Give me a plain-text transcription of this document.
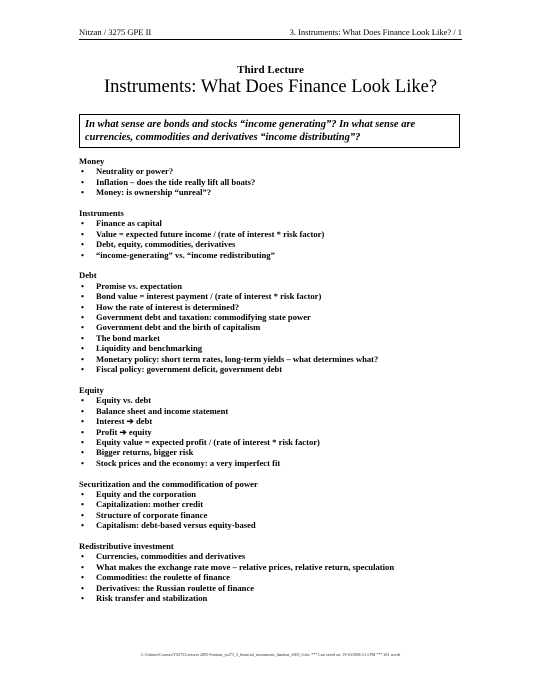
Nitzan / 3275 GPE II	3. Instruments: What Does Finance Look Like? / 1
Third Lecture
Instruments: What Does Finance Look Like?
In what sense are bonds and stocks “income generating”? In what sense are currencies, commodities and derivatives “income distributing”?
Money
• Neutrality or power?
• Inflation – does the tide really lift all boats?
• Money: is ownership “unreal”?
Instruments
• Finance as capital
• Value = expected future income / (rate of interest * risk factor)
• Debt, equity, commodities, derivatives
• “income-generating” vs. “income redistributing”
Debt
• Promise vs. expectation
• Bond value = interest payment / (rate of interest * risk factor)
• How the rate of interest is determined?
• Government debt and taxation: commodifying state power
• Government debt and the birth of capitalism
• The bond market
• Liquidity and benchmarking
• Monetary policy: short term rates, long-term yields – what determines what?
• Fiscal policy: government deficit, government debt
Equity
• Equity vs. debt
• Balance sheet and income statement
• Interest ➔ debt
• Profit ➔ equity
• Equity value = expected profit / (rate of interest * risk factor)
• Bigger returns, bigger risk
• Stock prices and the economy: a very imperfect fit
Securitization and the commodification of power
• Equity and the corporation
• Capitalization: mother credit
• Structure of corporate finance
• Capitalism: debt-based versus equity-based
Redistributive investment
• Currencies, commodities and derivatives
• What makes the exchange rate move – relative prices, relative return, speculation
• Commodities: the roulette of finance
• Derivatives: the Russian roulette of finance
• Risk transfer and stabilization
C:\Cabinet\Courses\YS275\Lectures 2005-6\nitzan_ys275_3_financial_instruments_handout_2005_6.doc *** Last saved on: 19/10/2006 3:13 PM *** 261 words
